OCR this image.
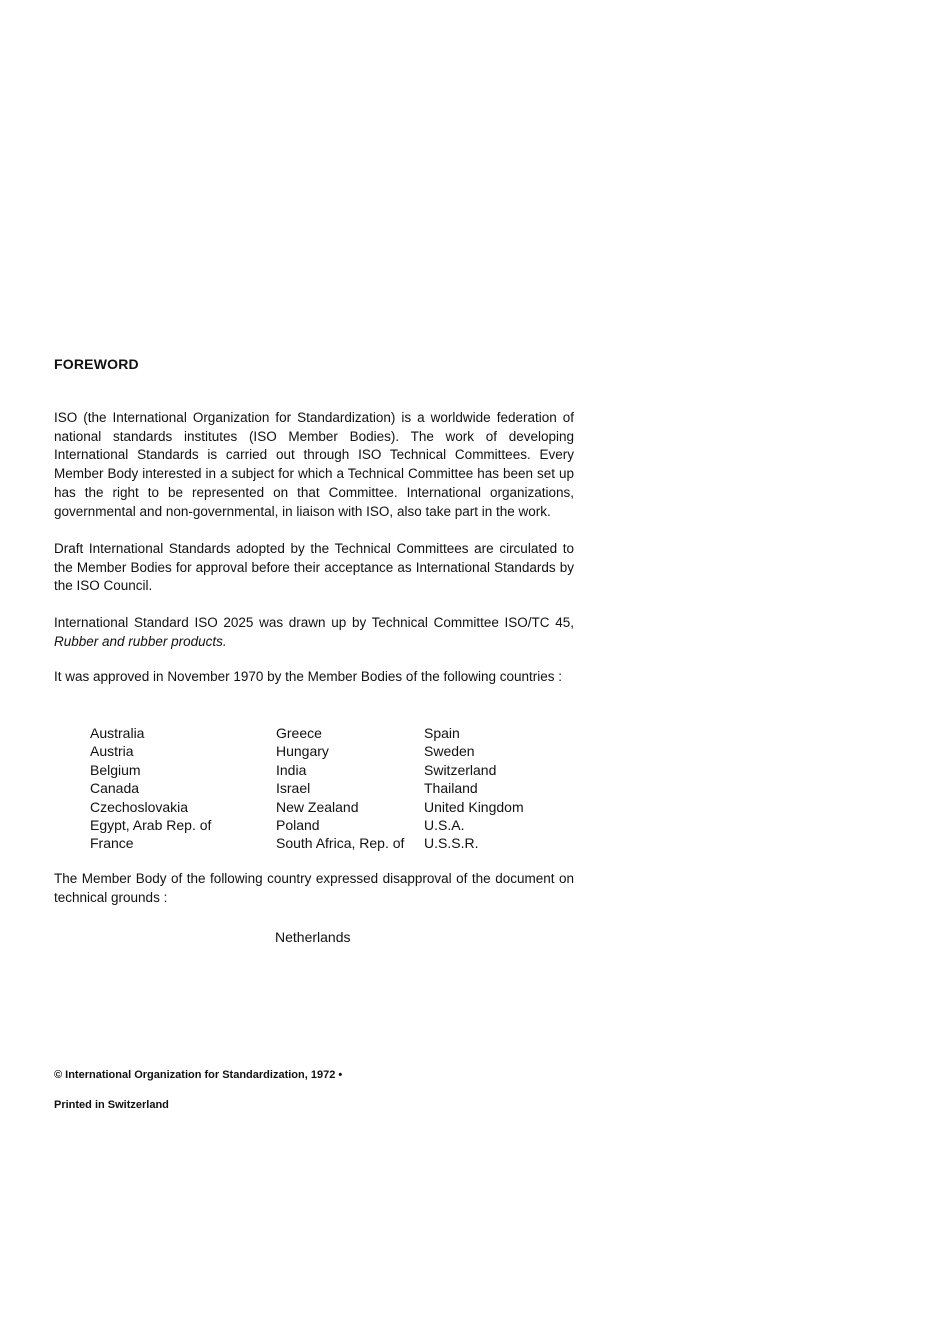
FOREWORD

ISO (the International Organization for Standardization) is a worldwide federation of national standards institutes (ISO Member Bodies). The work of developing International Standards is carried out through ISO Technical Committees. Every Member Body interested in a subject for which a Technical Committee has been set up has the right to be represented on that Committee. International organizations, governmental and non-governmental, in liaison with ISO, also take part in the work.

Draft International Standards adopted by the Technical Committees are circulated to the Member Bodies for approval before their acceptance as International Standards by the ISO Council.

International Standard ISO 2025 was drawn up by Technical Committee ISO/TC 45, Rubber and rubber products.

It was approved in November 1970 by the Member Bodies of the following countries :

Australia
Austria
Belgium
Canada
Czechoslovakia
Egypt, Arab Rep. of
France
Greece
Hungary
India
Israel
New Zealand
Poland
South Africa, Rep. of
Spain
Sweden
Switzerland
Thailand
United Kingdom
U.S.A.
U.S.S.R.

The Member Body of the following country expressed disapproval of the document on technical grounds :

Netherlands
© International Organization for Standardization, 1972 •
Printed in Switzerland
